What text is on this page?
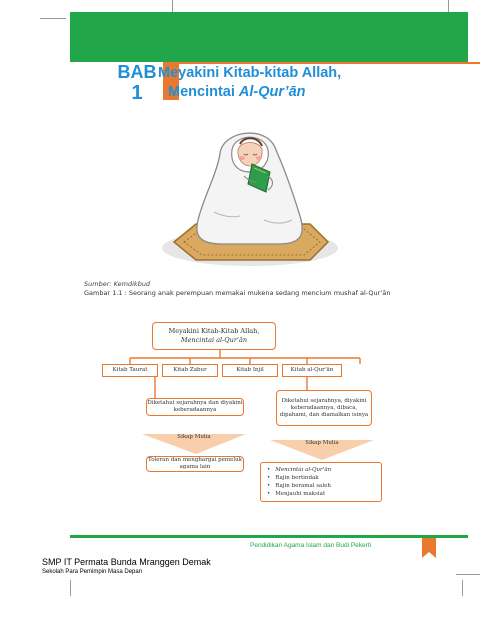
BAB
1
Meyakini Kitab-kitab Allah,
Mencintai Al-Qur’ān
Sumber: Kemdikbud
Gambar 1.1 : Seorang anak perempuan memakai mukena sedang mencium mushaf al-Qur’ān
Meyakini Kitab-Kitab Allah,
Mencintai al-Qur’ān
Kitab Taurat	Kitab Zabur	Kitab Injil	Kitab al-Qur’ān
Diketahui sejarahnya dan diyakini keberadaannya
Diketahui sejarahnya, diyakini keberadaannya, dibaca, dipahami, dan diamalkan isinya
Sikap Mulia
Sikap Mulia
Toleran dan menghargai pemeluk agama lain
•	Mencintai al-Qur’ān
• Rajin bertindak
• Rajin beramal saleh
• Menjauhi maksiat
Pendidikan Agama Islam dan Budi Pekerti
SMP IT Permata Bunda Mranggen Demak
Sekolah Para Pemimpin Masa Depan
